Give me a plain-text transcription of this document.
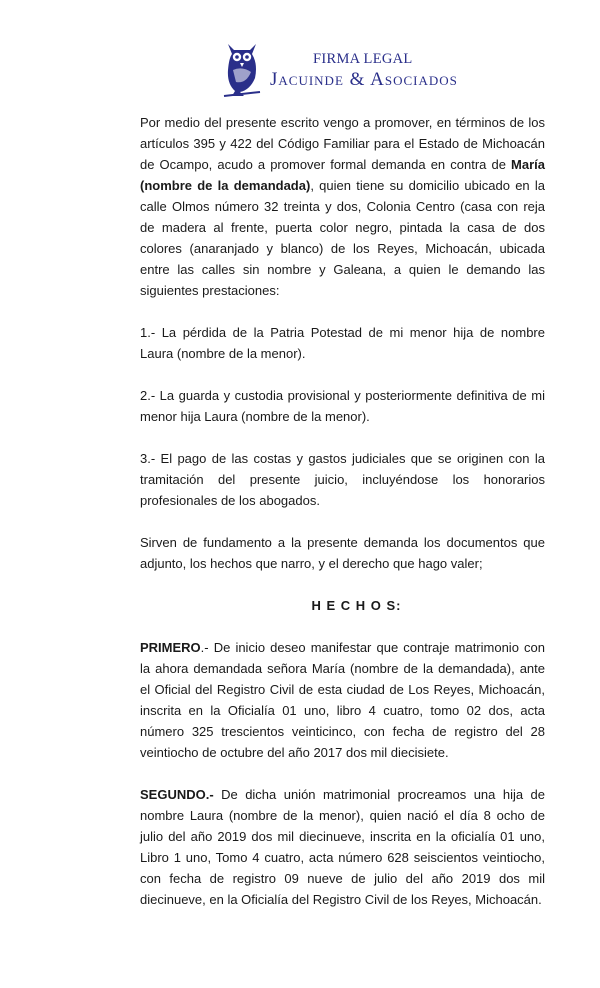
FIRMA LEGAL
Jacuinde & Asociados

Por medio del presente escrito vengo a promover, en términos de los artículos 395 y 422 del Código Familiar para el Estado de Michoacán de Ocampo, acudo a promover formal demanda en contra de María (nombre de la demandada), quien tiene su domicilio ubicado en la calle Olmos número 32 treinta y dos, Colonia Centro (casa con reja de madera al frente, puerta color negro, pintada la casa de dos colores (anaranjado y blanco) de los Reyes, Michoacán, ubicada entre las calles sin nombre y Galeana, a quien le demando las siguientes prestaciones:

1.- La pérdida de la Patria Potestad de mi menor hija de nombre Laura (nombre de la menor).

2.- La guarda y custodia provisional y posteriormente definitiva de mi menor hija Laura (nombre de la menor).

3.- El pago de las costas y gastos judiciales que se originen con la tramitación del presente juicio, incluyéndose los honorarios profesionales de los abogados.

Sirven de fundamento a la presente demanda los documentos que adjunto, los hechos que narro, y el derecho que hago valer;

H E C H O S:

PRIMERO.- De inicio deseo manifestar que contraje matrimonio con la ahora demandada señora María (nombre de la demandada), ante el Oficial del Registro Civil de esta ciudad de Los Reyes, Michoacán, inscrita en la Oficialía 01 uno, libro 4 cuatro, tomo 02 dos, acta número 325 trescientos veinticinco, con fecha de registro del 28 veintiocho de octubre del año 2017 dos mil diecisiete.

SEGUNDO.- De dicha unión matrimonial procreamos una hija de nombre Laura (nombre de la menor), quien nació el día 8 ocho de julio del año 2019 dos mil diecinueve, inscrita en la oficialía 01 uno, Libro 1 uno, Tomo 4 cuatro, acta número 628 seiscientos veintiocho, con fecha de registro 09 nueve de julio del año 2019 dos mil diecinueve, en la Oficialía del Registro Civil de los Reyes, Michoacán.
